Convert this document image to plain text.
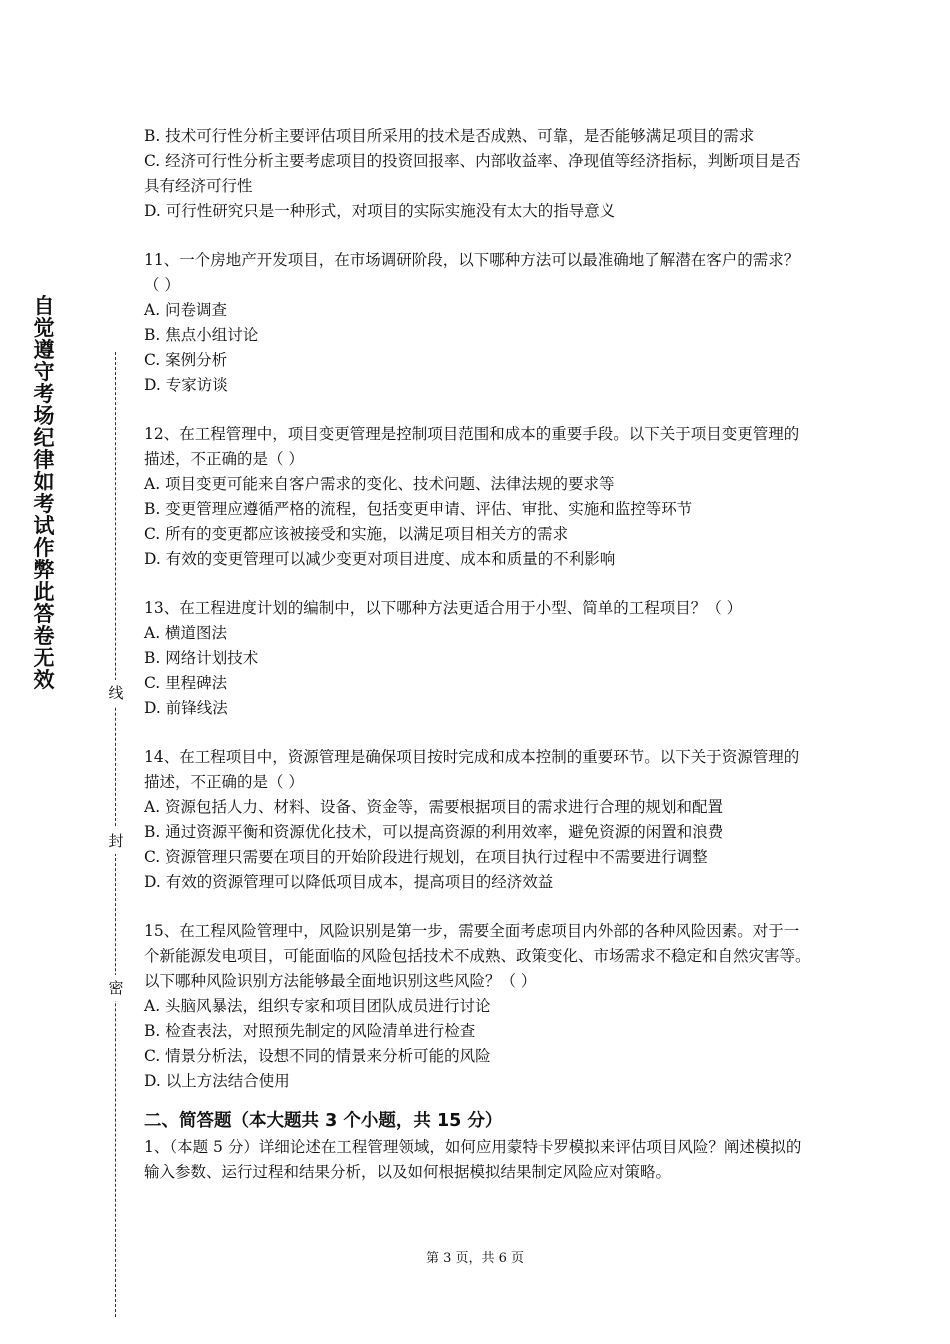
自觉遵守考场纪律如考试作弊此答卷无效
线
封
密

B. 技术可行性分析主要评估项目所采用的技术是否成熟、可靠，是否能够满足项目的需求

C. 经济可行性分析主要考虑项目的投资回报率、内部收益率、净现值等经济指标，判断项目是否具有经济可行性

D. 可行性研究只是一种形式，对项目的实际实施没有太大的指导意义

11、一个房地产开发项目，在市场调研阶段，以下哪种方法可以最准确地了解潜在客户的需求？（ ）

A. 问卷调查

B. 焦点小组讨论

C. 案例分析

D. 专家访谈

12、在工程管理中，项目变更管理是控制项目范围和成本的重要手段。以下关于项目变更管理的描述，不正确的是（ ）

A. 项目变更可能来自客户需求的变化、技术问题、法律法规的要求等

B. 变更管理应遵循严格的流程，包括变更申请、评估、审批、实施和监控等环节

C. 所有的变更都应该被接受和实施，以满足项目相关方的需求

D. 有效的变更管理可以减少变更对项目进度、成本和质量的不利影响

13、在工程进度计划的编制中，以下哪种方法更适合用于小型、简单的工程项目？（ ）

A. 横道图法

B. 网络计划技术

C. 里程碑法

D. 前锋线法

14、在工程项目中，资源管理是确保项目按时完成和成本控制的重要环节。以下关于资源管理的描述，不正确的是（ ）

A. 资源包括人力、材料、设备、资金等，需要根据项目的需求进行合理的规划和配置

B. 通过资源平衡和资源优化技术，可以提高资源的利用效率，避免资源的闲置和浪费

C. 资源管理只需要在项目的开始阶段进行规划，在项目执行过程中不需要进行调整

D. 有效的资源管理可以降低项目成本，提高项目的经济效益

15、在工程风险管理中，风险识别是第一步，需要全面考虑项目内外部的各种风险因素。对于一个新能源发电项目，可能面临的风险包括技术不成熟、政策变化、市场需求不稳定和自然灾害等。以下哪种风险识别方法能够最全面地识别这些风险？（ ）

A. 头脑风暴法，组织专家和项目团队成员进行讨论

B. 检查表法，对照预先制定的风险清单进行检查

C. 情景分析法，设想不同的情景来分析可能的风险

D. 以上方法结合使用

二、简答题（本大题共 3 个小题，共 15 分）

1、（本题 5 分）详细论述在工程管理领域，如何应用蒙特卡罗模拟来评估项目风险？阐述模拟的输入参数、运行过程和结果分析，以及如何根据模拟结果制定风险应对策略。

第 3 页，共 6 页
